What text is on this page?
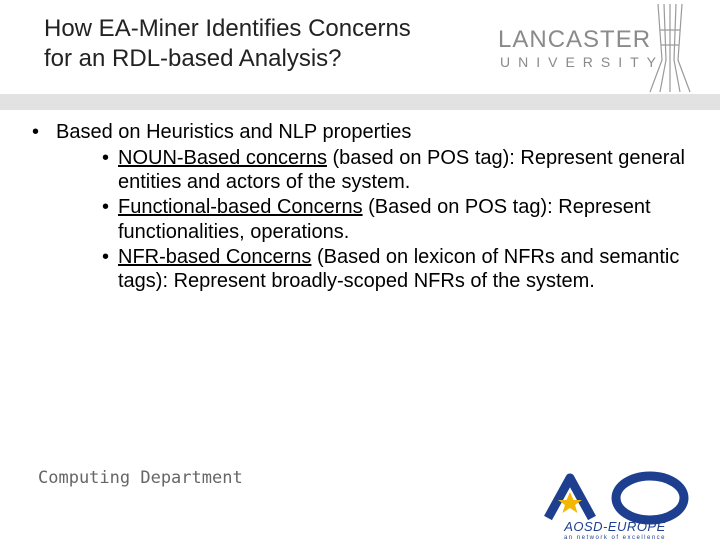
How EA-Miner Identifies Concerns
for an RDL-based Analysis?
LANCASTER
UNIVERSITY
• Based on Heuristics and NLP properties
• NOUN-Based concerns (based on POS tag): Represent general entities and actors of the system.
• Functional-based Concerns (Based on POS tag): Represent functionalities, operations.
• NFR-based Concerns (Based on lexicon of NFRs and semantic tags): Represent broadly-scoped NFRs of the system.
Computing Department
AOSD-EUROPE
an network of excellence
